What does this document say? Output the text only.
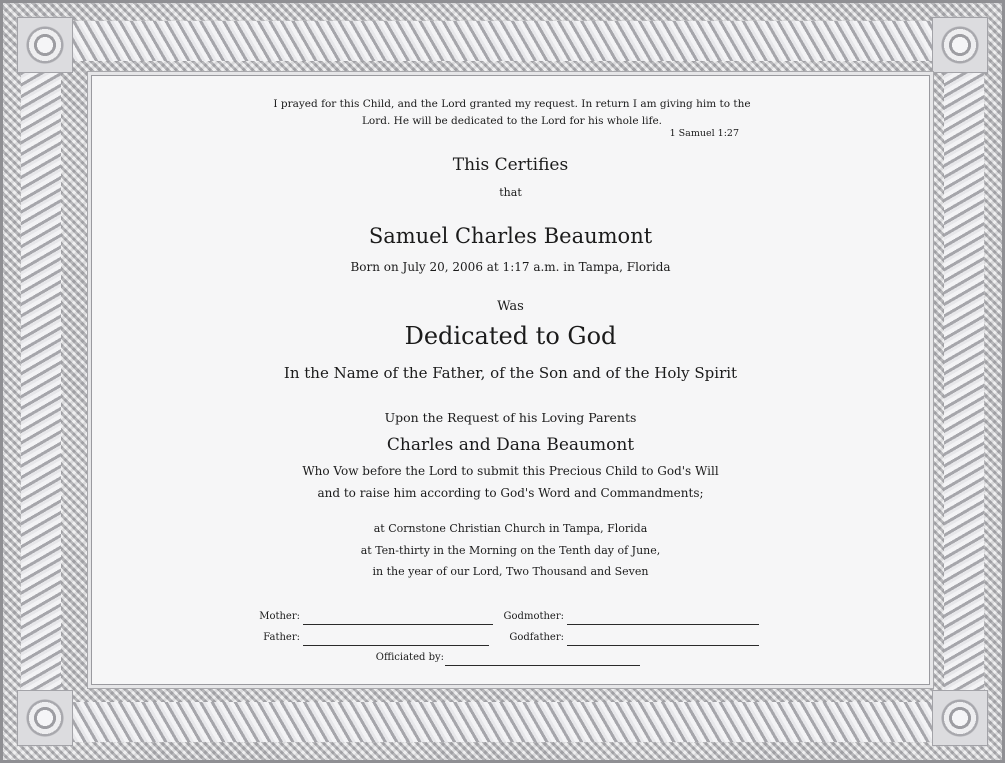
I prayed for this Child, and the Lord granted my request. In return I am giving him to the Lord. He will be dedicated to the Lord for his whole life.
1 Samuel 1:27
This Certifies
that
Samuel Charles Beaumont
Born on July 20, 2006 at 1:17 a.m. in Tampa, Florida
Was
Dedicated to God
In the Name of the Father, of the Son and of the Holy Spirit
Upon the Request of his Loving Parents
Charles and Dana Beaumont
Who Vow before the Lord to submit this Precious Child to God's Will
and to raise him according to God's Word and Commandments;
at Cornstone Christian Church in Tampa, Florida
at Ten-thirty in the Morning on the Tenth day of June,
in the year of our Lord, Two Thousand and Seven
Mother:	Godmother:
Father:	Godfather:
Officiated by:
